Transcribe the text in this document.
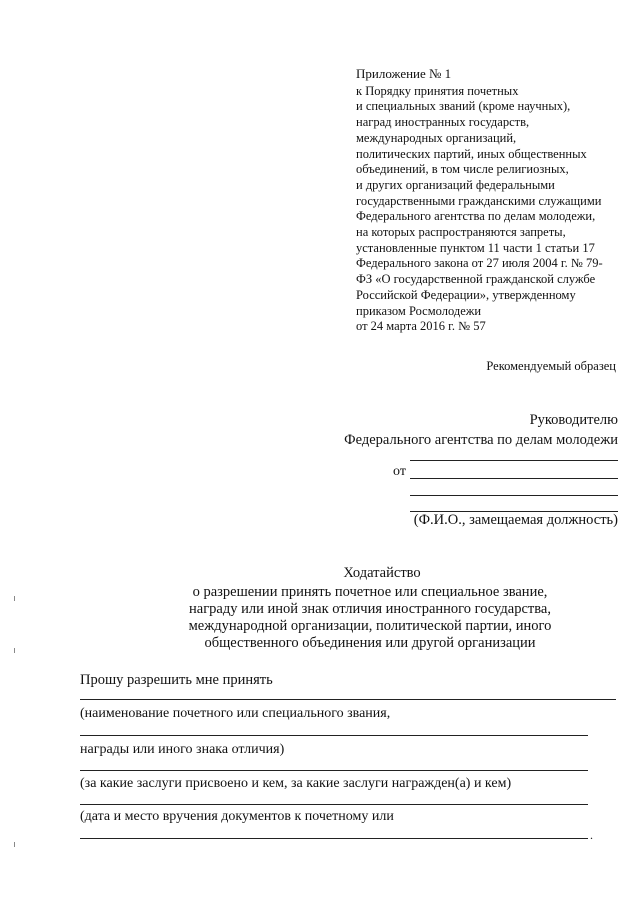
Приложение № 1
к Порядку принятия почетных
и специальных званий (кроме научных),
наград иностранных государств,
международных организаций,
политических партий, иных общественных
объединений, в том числе религиозных,
и других организаций федеральными
государственными гражданскими служащими
Федерального агентства по делам молодежи,
на которых распространяются запреты,
установленные пунктом 11 части 1 статьи 17
Федерального закона от 27 июля 2004 г. № 79-
ФЗ «О государственной гражданской службе
Российской Федерации», утвержденному
приказом Росмолодежи
от 24 марта 2016 г. № 57
Рекомендуемый образец
Руководителю
Федерального агентства по делам молодежи
от
(Ф.И.О., замещаемая должность)
Ходатайство
о разрешении принять почетное или специальное звание,
награду или иной знак отличия иностранного государства,
международной организации, политической партии, иного
общественного объединения или другой организации
Прошу разрешить мне принять
(наименование почетного или специального звания,
награды или иного знака отличия)
(за какие заслуги присвоено и кем, за какие заслуги награжден(а) и кем)
(дата и место вручения документов к почетному или
.
